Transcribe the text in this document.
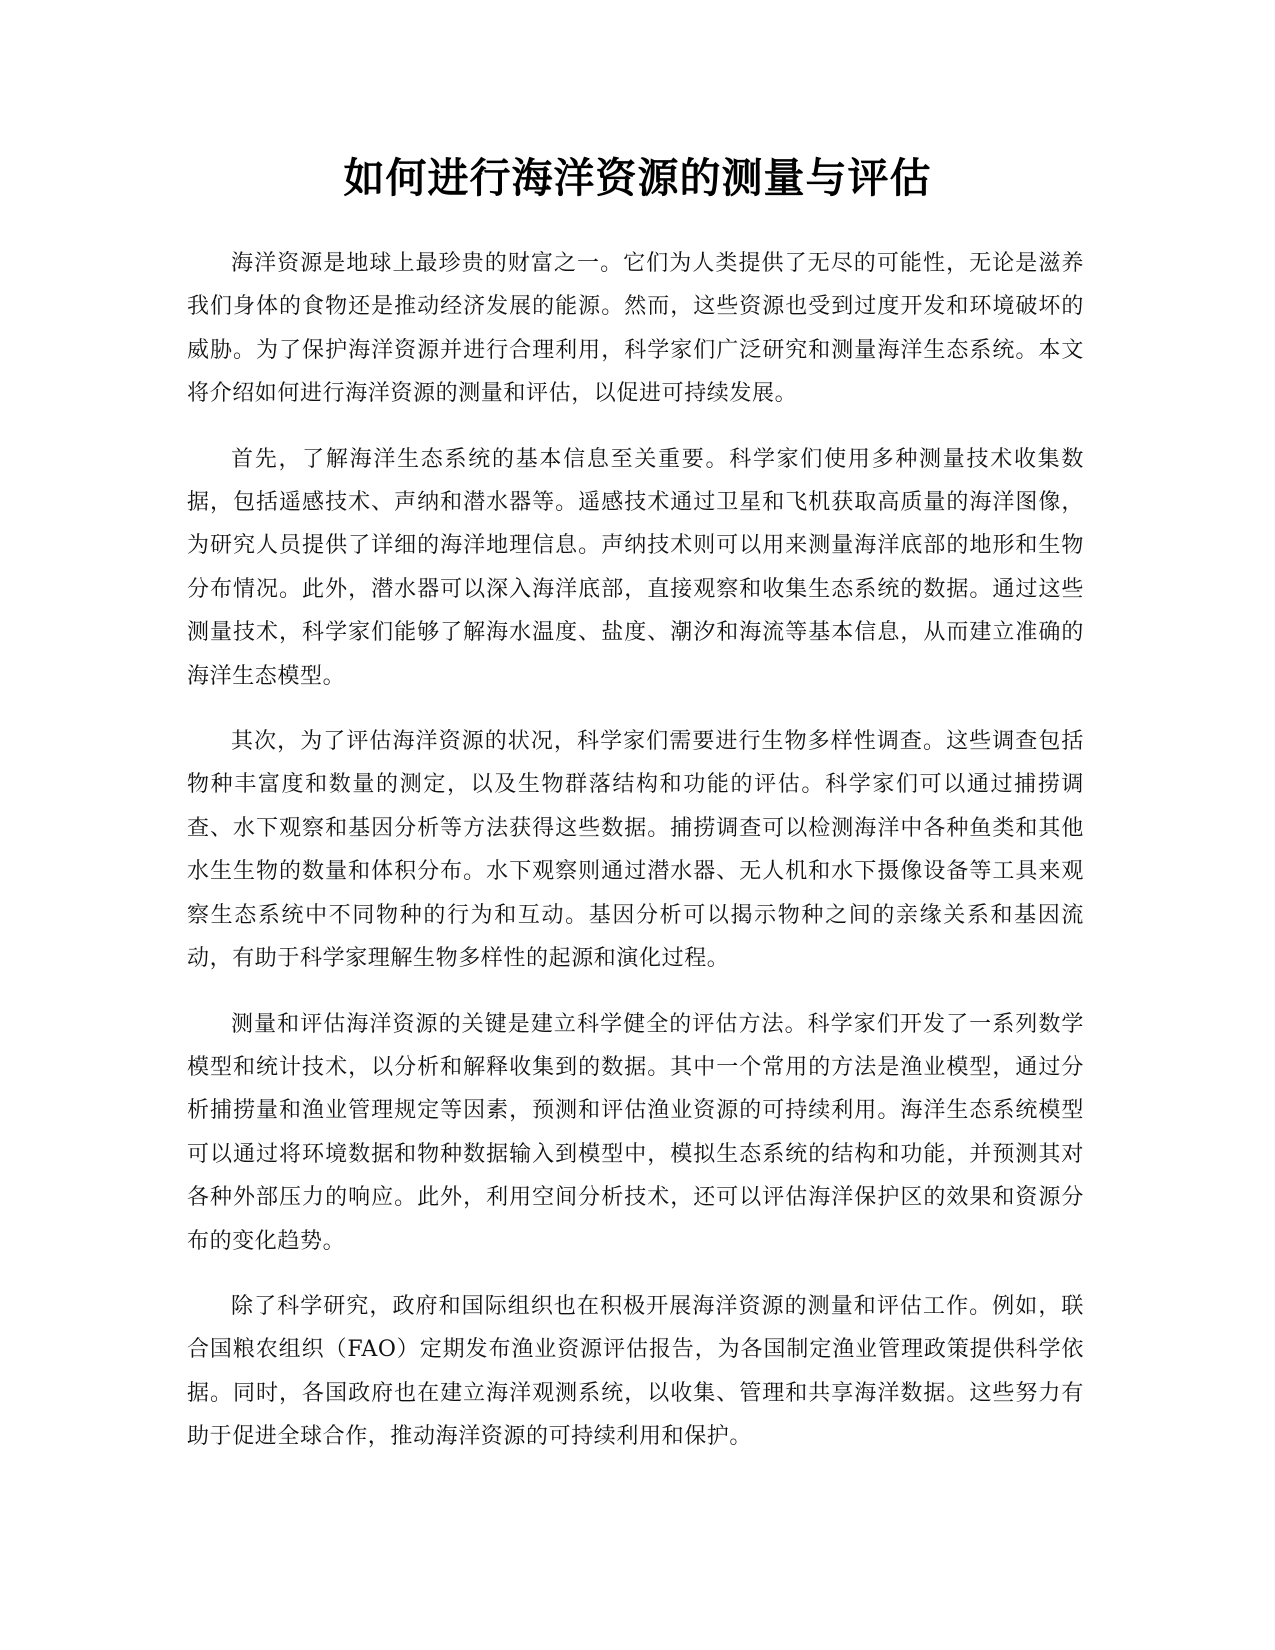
如何进行海洋资源的测量与评估

海洋资源是地球上最珍贵的财富之一。它们为人类提供了无尽的可能性，无论是滋养我们身体的食物还是推动经济发展的能源。然而，这些资源也受到过度开发和环境破坏的威胁。为了保护海洋资源并进行合理利用，科学家们广泛研究和测量海洋生态系统。本文将介绍如何进行海洋资源的测量和评估，以促进可持续发展。

首先，了解海洋生态系统的基本信息至关重要。科学家们使用多种测量技术收集数据，包括遥感技术、声纳和潜水器等。遥感技术通过卫星和飞机获取高质量的海洋图像，为研究人员提供了详细的海洋地理信息。声纳技术则可以用来测量海洋底部的地形和生物分布情况。此外，潜水器可以深入海洋底部，直接观察和收集生态系统的数据。通过这些测量技术，科学家们能够了解海水温度、盐度、潮汐和海流等基本信息，从而建立准确的海洋生态模型。

其次，为了评估海洋资源的状况，科学家们需要进行生物多样性调查。这些调查包括物种丰富度和数量的测定，以及生物群落结构和功能的评估。科学家们可以通过捕捞调查、水下观察和基因分析等方法获得这些数据。捕捞调查可以检测海洋中各种鱼类和其他水生生物的数量和体积分布。水下观察则通过潜水器、无人机和水下摄像设备等工具来观察生态系统中不同物种的行为和互动。基因分析可以揭示物种之间的亲缘关系和基因流动，有助于科学家理解生物多样性的起源和演化过程。

测量和评估海洋资源的关键是建立科学健全的评估方法。科学家们开发了一系列数学模型和统计技术，以分析和解释收集到的数据。其中一个常用的方法是渔业模型，通过分析捕捞量和渔业管理规定等因素，预测和评估渔业资源的可持续利用。海洋生态系统模型可以通过将环境数据和物种数据输入到模型中，模拟生态系统的结构和功能，并预测其对各种外部压力的响应。此外，利用空间分析技术，还可以评估海洋保护区的效果和资源分布的变化趋势。

除了科学研究，政府和国际组织也在积极开展海洋资源的测量和评估工作。例如，联合国粮农组织（FAO）定期发布渔业资源评估报告，为各国制定渔业管理政策提供科学依据。同时，各国政府也在建立海洋观测系统，以收集、管理和共享海洋数据。这些努力有助于促进全球合作，推动海洋资源的可持续利用和保护。
